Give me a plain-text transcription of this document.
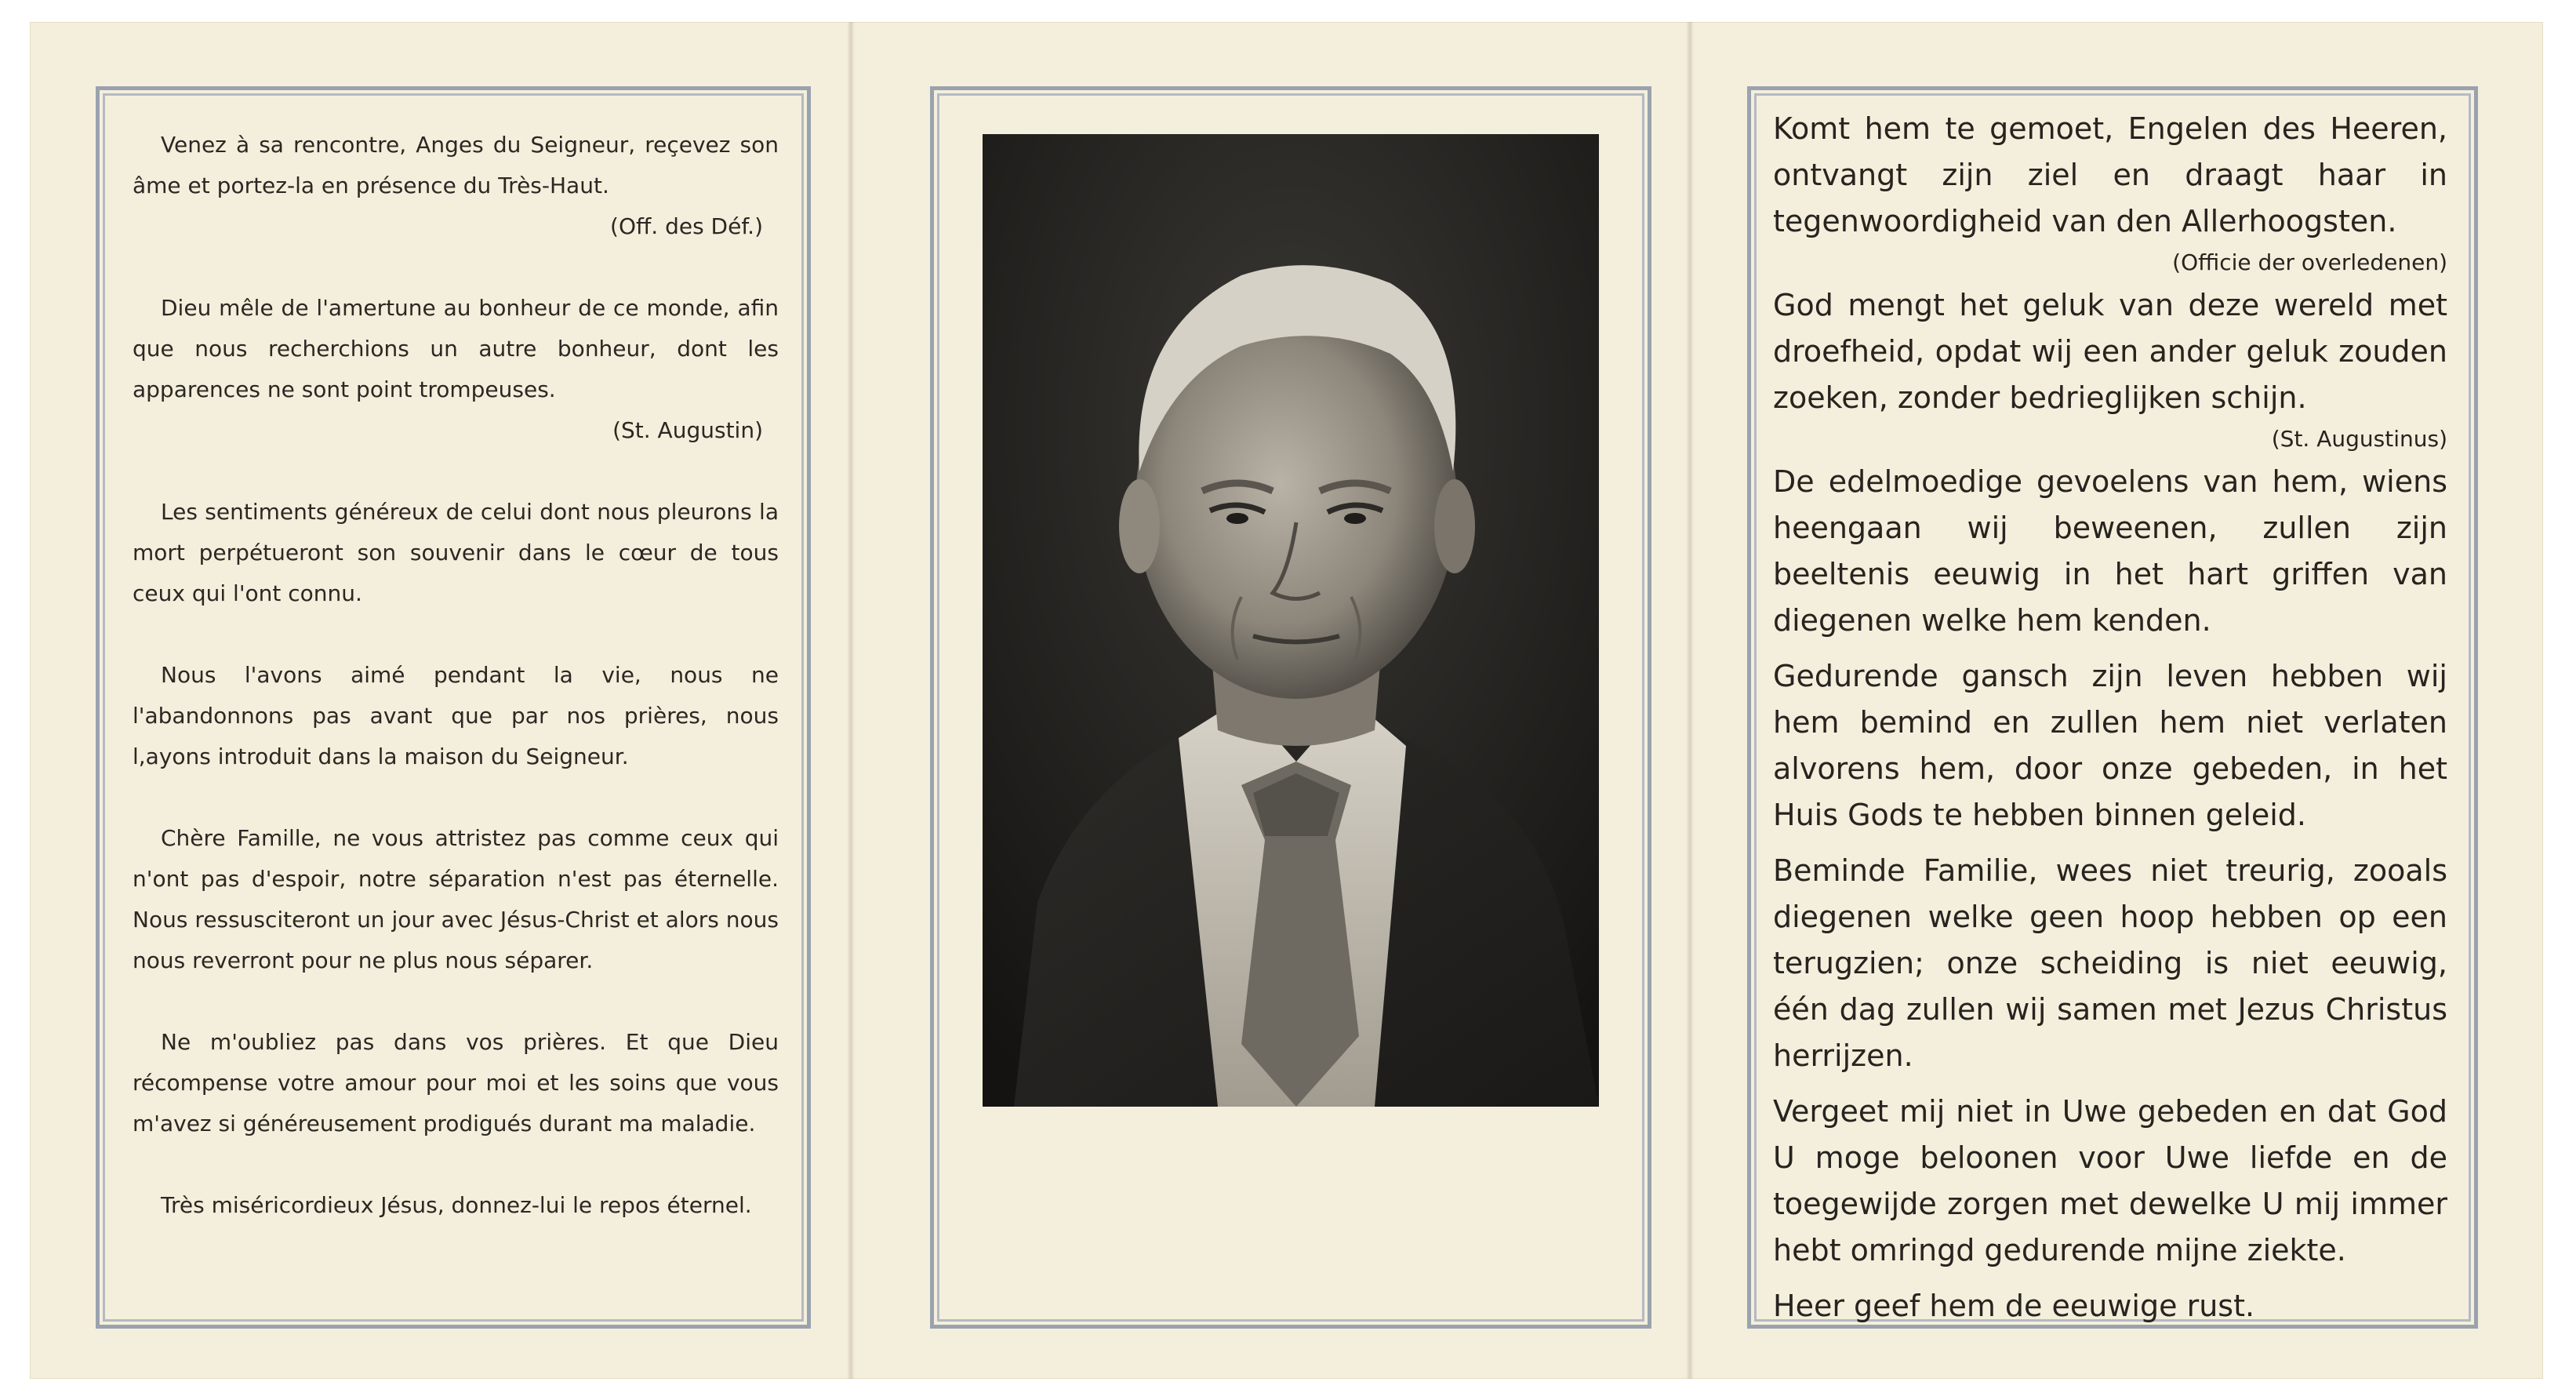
Venez à sa rencontre, Anges du Seigneur, reçevez son âme et portez-la en présence du Très-Haut.
(Off. des Déf.)

Dieu mêle de l'amertune au bonheur de ce monde, afin que nous recherchions un autre bonheur, dont les apparences ne sont point trompeuses.
(St. Augustin)

Les sentiments généreux de celui dont nous pleurons la mort perpétueront son souvenir dans le cœur de tous ceux qui l'ont connu.

Nous l'avons aimé pendant la vie, nous ne l'abandonnons pas avant que par nos prières, nous l,ayons introduit dans la maison du Seigneur.

Chère Famille, ne vous attristez pas comme ceux qui n'ont pas d'espoir, notre séparation n'est pas éternelle. Nous ressusciteront un jour avec Jésus-Christ et alors nous nous reverront pour ne plus nous séparer.

Ne m'oubliez pas dans vos prières. Et que Dieu récompense votre amour pour moi et les soins que vous m'avez si généreusement prodigués durant ma maladie.

Très miséricordieux Jésus, donnez-lui le repos éternel.

Komt hem te gemoet, Engelen des Heeren, ontvangt zijn ziel en draagt haar in tegenwoordigheid van den Allerhoogsten.

(Officie der overledenen)

God mengt het geluk van deze wereld met droefheid, opdat wij een ander geluk zouden zoeken, zonder bedrieglijken schijn.

(St. Augustinus)

De edelmoedige gevoelens van hem, wiens heengaan wij beweenen, zullen zijn beeltenis eeuwig in het hart griffen van diegenen welke hem kenden.

Gedurende gansch zijn leven hebben wij hem bemind en zullen hem niet verlaten alvorens hem, door onze gebeden, in het Huis Gods te hebben binnen geleid.

Beminde Familie, wees niet treurig, zooals diegenen welke geen hoop hebben op een terugzien; onze scheiding is niet eeuwig, één dag zullen wij samen met Jezus Christus herrijzen.

Vergeet mij niet in Uwe gebeden en dat God U moge beloonen voor Uwe liefde en de toegewijde zorgen met dewelke U mij immer hebt omringd gedurende mijne ziekte.

Heer geef hem de eeuwige rust.
